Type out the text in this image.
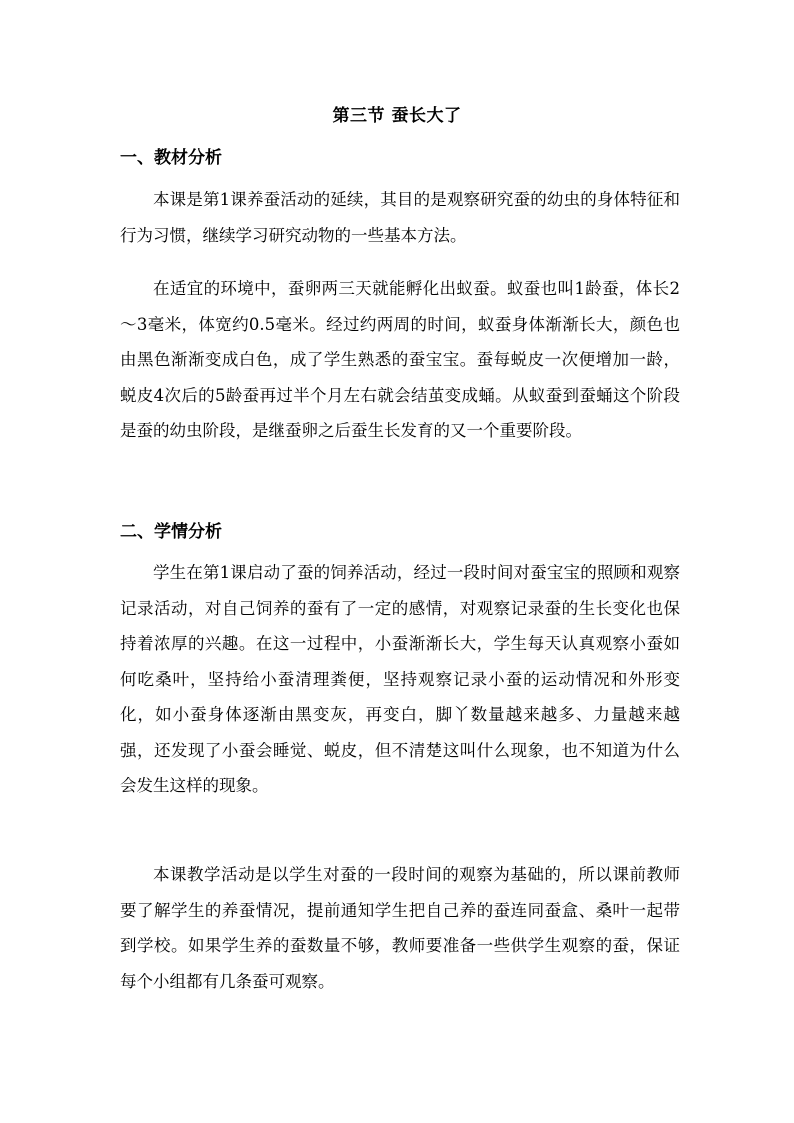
第三节 蚕长大了
一、教材分析

本课是第1课养蚕活动的延续，其目的是观察研究蚕的幼虫的身体特征和行为习惯，继续学习研究动物的一些基本方法。

在适宜的环境中，蚕卵两三天就能孵化出蚁蚕。蚁蚕也叫1龄蚕，体长2～3毫米，体宽约0.5毫米。经过约两周的时间，蚁蚕身体渐渐长大，颜色也由黑色渐渐变成白色，成了学生熟悉的蚕宝宝。蚕每蜕皮一次便增加一龄，蜕皮4次后的5龄蚕再过半个月左右就会结茧变成蛹。从蚁蚕到蚕蛹这个阶段是蚕的幼虫阶段，是继蚕卵之后蚕生长发育的又一个重要阶段。

二、学情分析

学生在第1课启动了蚕的饲养活动，经过一段时间对蚕宝宝的照顾和观察记录活动，对自己饲养的蚕有了一定的感情，对观察记录蚕的生长变化也保持着浓厚的兴趣。在这一过程中，小蚕渐渐长大，学生每天认真观察小蚕如何吃桑叶，坚持给小蚕清理粪便，坚持观察记录小蚕的运动情况和外形变化，如小蚕身体逐渐由黑变灰，再变白，脚丫数量越来越多、力量越来越强，还发现了小蚕会睡觉、蜕皮，但不清楚这叫什么现象，也不知道为什么会发生这样的现象。

本课教学活动是以学生对蚕的一段时间的观察为基础的，所以课前教师要了解学生的养蚕情况，提前通知学生把自己养的蚕连同蚕盒、桑叶一起带到学校。如果学生养的蚕数量不够，教师要准备一些供学生观察的蚕，保证每个小组都有几条蚕可观察。
